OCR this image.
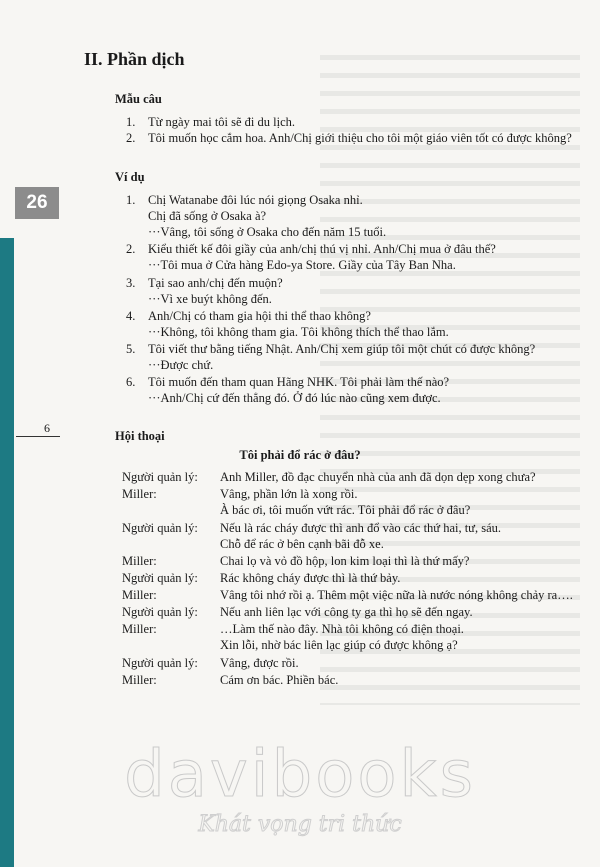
26
6
II. Phần dịch
Mẫu câu
1. Từ ngày mai tôi sẽ đi du lịch.
2. Tôi muốn học cắm hoa. Anh/Chị giới thiệu cho tôi một giáo viên tốt có được không?
Ví dụ
1. Chị Watanabe đôi lúc nói giọng Osaka nhỉ.
Chị đã sống ở Osaka à?
···Vâng, tôi sống ở Osaka cho đến năm 15 tuổi.
2. Kiểu thiết kế đôi giầy của anh/chị thú vị nhỉ. Anh/Chị mua ở đâu thế?
···Tôi mua ở Cửa hàng Edo-ya Store. Giầy của Tây Ban Nha.
3. Tại sao anh/chị đến muộn?
···Vì xe buýt không đến.
4. Anh/Chị có tham gia hội thi thể thao không?
···Không, tôi không tham gia. Tôi không thích thể thao lắm.
5. Tôi viết thư bằng tiếng Nhật. Anh/Chị xem giúp tôi một chút có được không?
···Được chứ.
6. Tôi muốn đến tham quan Hãng NHK. Tôi phải làm thế nào?
···Anh/Chị cứ đến thẳng đó. Ở đó lúc nào cũng xem được.
Hội thoại
Tôi phải đổ rác ở đâu?
Người quản lý: Anh Miller, đồ đạc chuyển nhà của anh đã dọn dẹp xong chưa?
Miller:	Vâng, phần lớn là xong rồi.
À bác ơi, tôi muốn vứt rác. Tôi phải đổ rác ở đâu?
Người quản lý: Nếu là rác cháy được thì anh đổ vào các thứ hai, tư, sáu.
Chỗ để rác ở bên cạnh bãi đỗ xe.
Miller:	Chai lọ và vỏ đồ hộp, lon kim loại thì là thứ mấy?
Người quản lý: Rác không cháy được thì là thứ bảy.
Miller:	Vâng tôi nhớ rồi ạ. Thêm một việc nữa là nước nóng không chảy ra….
Người quản lý: Nếu anh liên lạc với công ty ga thì họ sẽ đến ngay.
Miller:	…Làm thế nào đây. Nhà tôi không có điện thoại.
Xin lỗi, nhờ bác liên lạc giúp có được không ạ?
Người quản lý: Vâng, được rồi.
Miller:	Cám ơn bác. Phiền bác.
davibooks
Khát vọng tri thức
